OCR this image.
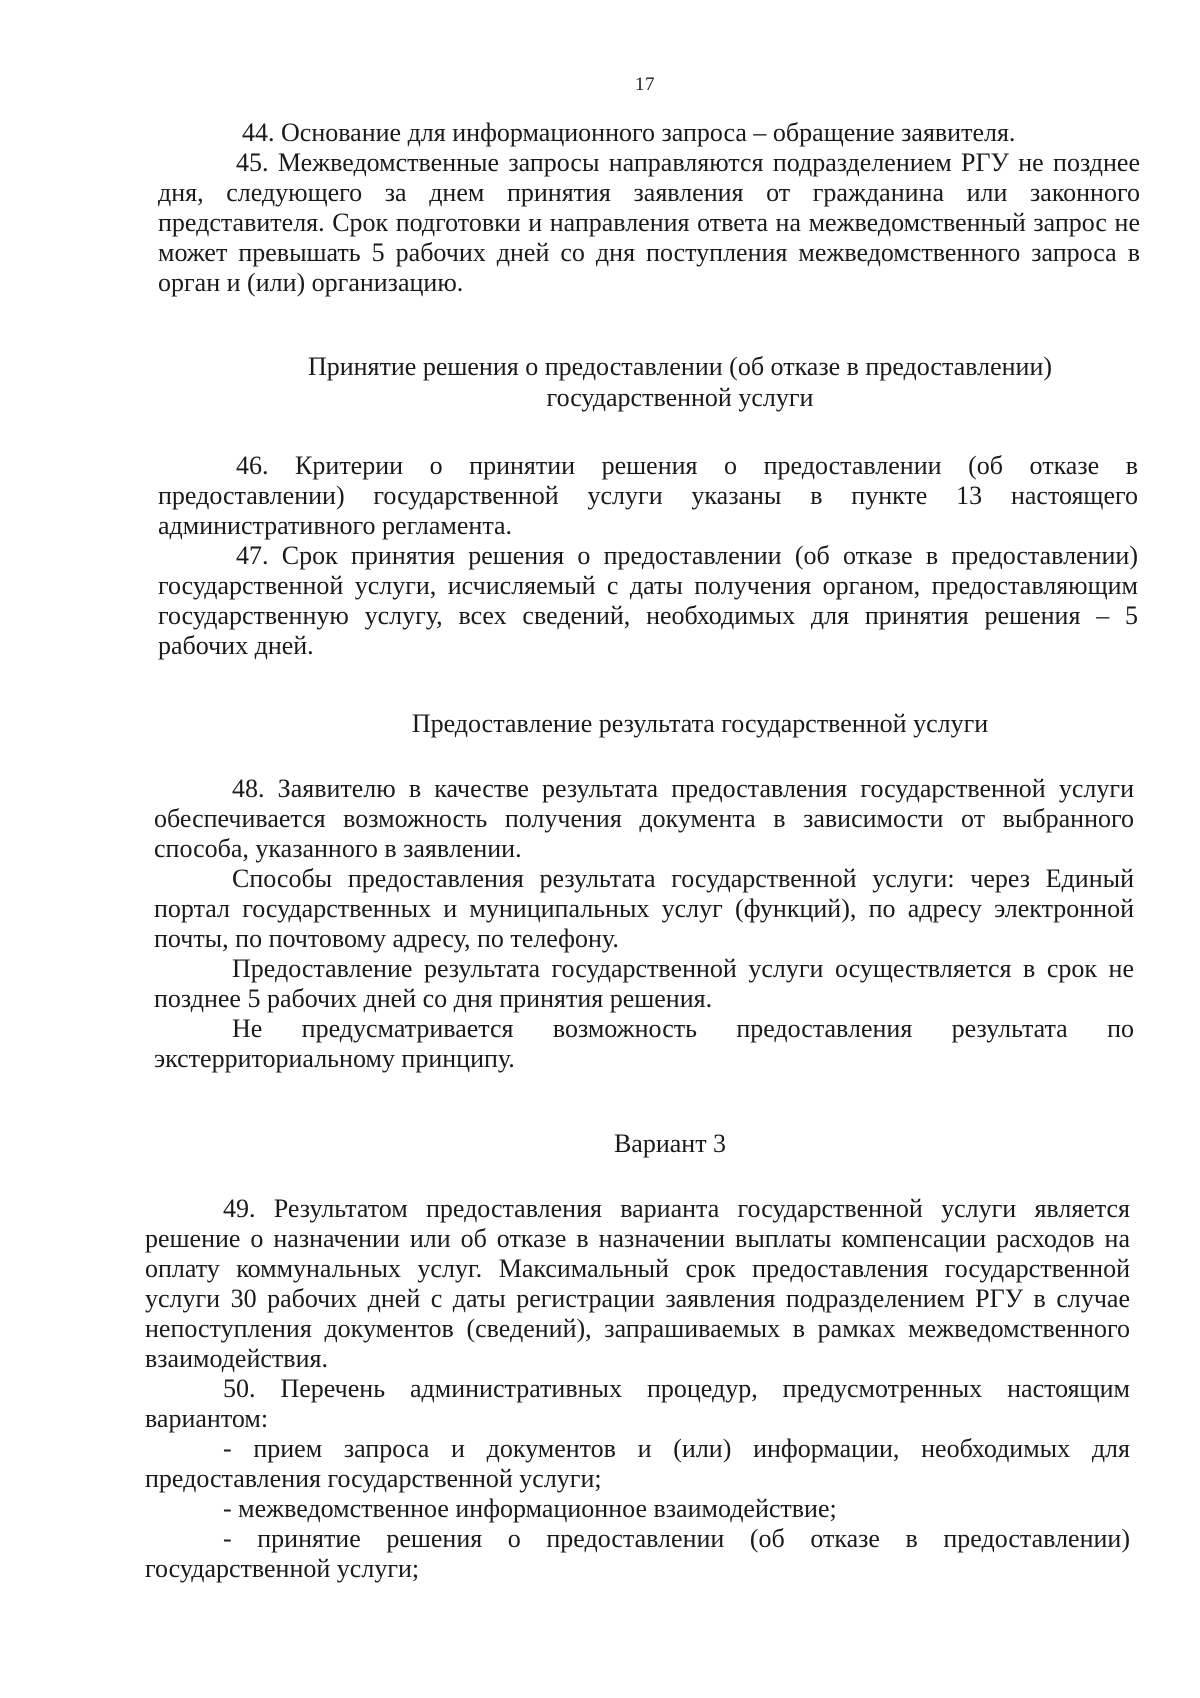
17

44. Основание для информационного запроса – обращение заявителя.

45. Межведомственные запросы направляются подразделением РГУ не позднее дня, следующего за днем принятия заявления от гражданина или законного представителя. Срок подготовки и направления ответа на межведомственный запрос не может превышать 5 рабочих дней со дня поступления межведомственного запроса в орган и (или) организацию.

Принятие решения о предоставлении (об отказе в предоставлении)
государственной услуги

46. Критерии о принятии решения о предоставлении (об отказе в предоставлении) государственной услуги указаны в пункте 13 настоящего административного регламента.

47. Срок принятия решения о предоставлении (об отказе в предоставлении) государственной услуги, исчисляемый с даты получения органом, предоставляющим государственную услугу, всех сведений, необходимых для принятия решения – 5 рабочих дней.

Предоставление результата государственной услуги

48. Заявителю в качестве результата предоставления государственной услуги обеспечивается возможность получения документа в зависимости от выбранного способа, указанного в заявлении.

Способы предоставления результата государственной услуги: через Единый портал государственных и муниципальных услуг (функций), по адресу электронной почты, по почтовому адресу, по телефону.

Предоставление результата государственной услуги осуществляется в срок не позднее 5 рабочих дней со дня принятия решения.

Не предусматривается возможность предоставления результата по экстерриториальному принципу.

Вариант 3

49. Результатом предоставления варианта государственной услуги является решение о назначении или об отказе в назначении выплаты компенсации расходов на оплату коммунальных услуг. Максимальный срок предоставления государственной услуги 30 рабочих дней с даты регистрации заявления подразделением РГУ в случае непоступления документов (сведений), запрашиваемых в рамках межведомственного взаимодействия.

50. Перечень административных процедур, предусмотренных настоящим вариантом:

- прием запроса и документов и (или) информации, необходимых для предоставления государственной услуги;

- межведомственное информационное взаимодействие;

- принятие решения о предоставлении (об отказе в предоставлении) государственной услуги;
